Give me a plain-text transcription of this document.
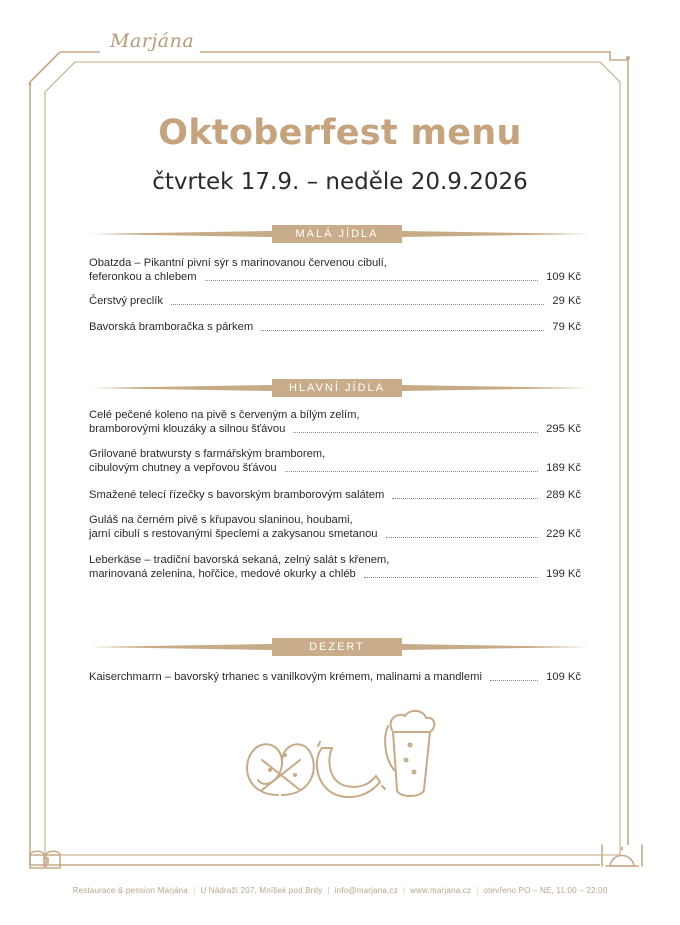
Marjána
Oktoberfest menu
čtvrtek 17.9. – neděle 20.9.2026
MALÁ JÍDLA
HLAVNÍ JÍDLA
DEZERT
Obatzda – Pikantní pivní sýr s marinovanou červenou cibulí,
feferonkou a chlebem	109 Kč
Čerstvý preclík	29 Kč
Bavorská bramboračka s párkem	79 Kč
Celé pečené koleno na pivě s červeným a bílým zelím,
bramborovými klouzáky a silnou šťávou	295 Kč
Grilované bratwursty s farmářským bramborem,
cibulovým chutney a vepřovou šťávou	189 Kč
Smažené telecí řízečky s bavorským bramborovým salátem	289 Kč
Guláš na černém pivě s křupavou slaninou, houbami,
jarní cibulí s restovanými špeclemi a zakysanou smetanou	229 Kč
Leberkäse – tradiční bavorská sekaná, zelný salát s křenem,
marinovaná zelenina, hořčice, medové okurky a chléb	199 Kč
Kaiserchmarrn – bavorský trhanec s vanilkovým krémem, malinami a mandlemi	109 Kč
Restaurace & pension Marjána | U Nádraží 207, Mníšek pod Brdy | info@marjana.cz | www.marjana.cz | otevřeno PO – NE, 11:00 – 22:00
